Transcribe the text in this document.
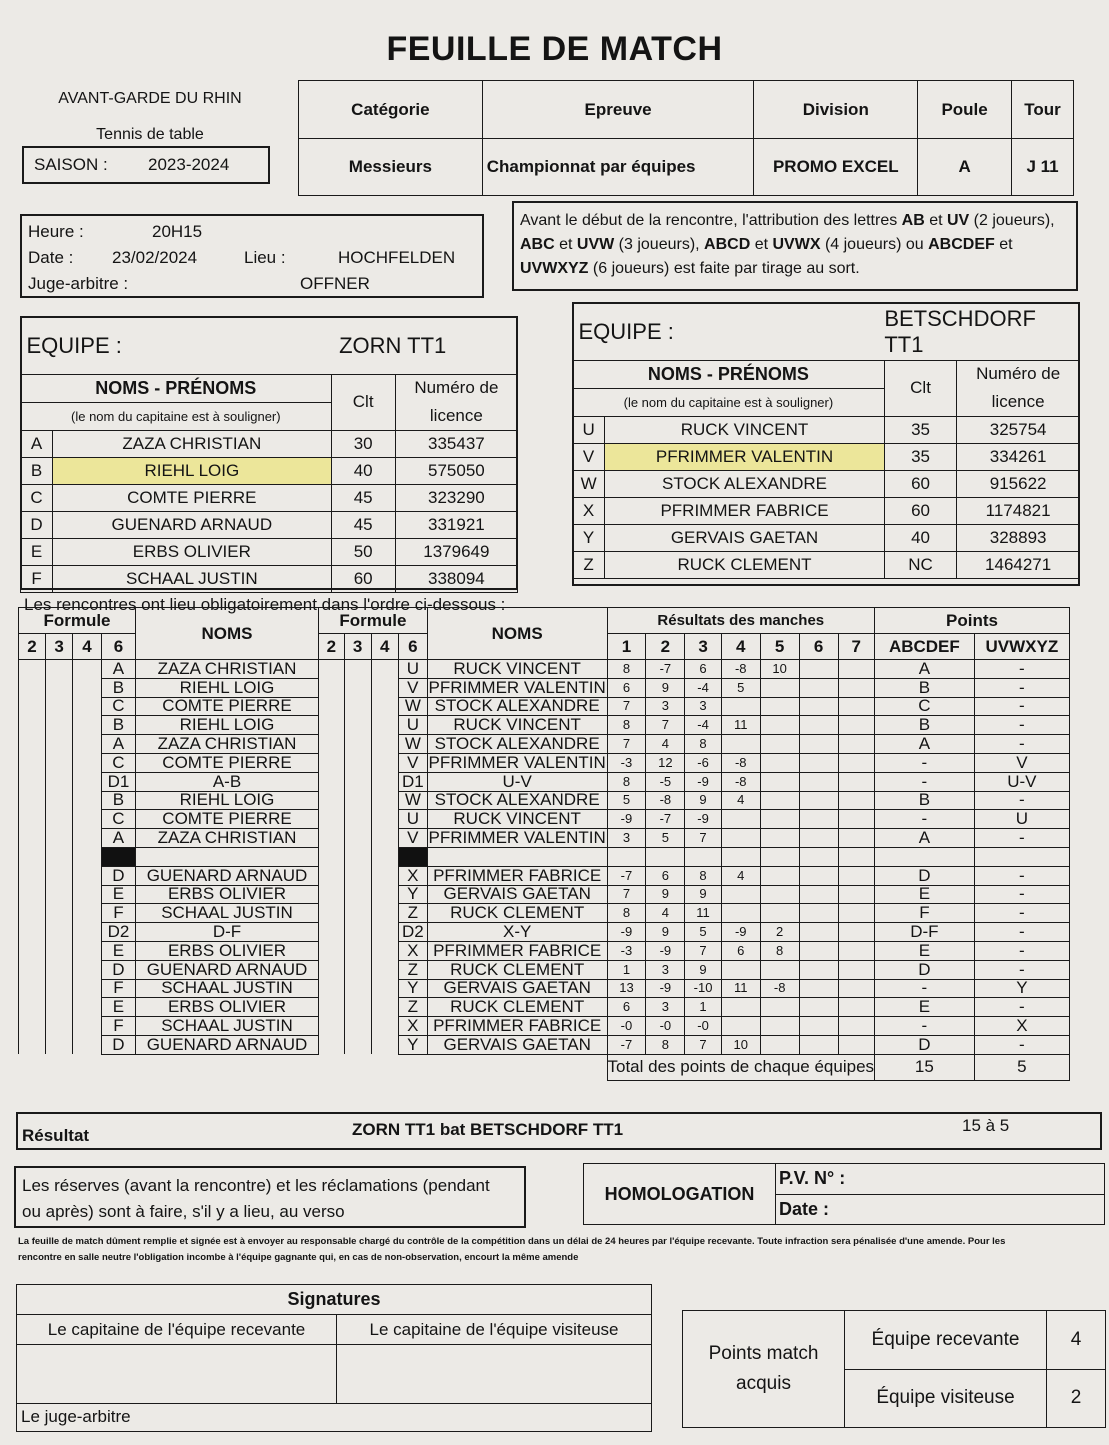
FEUILLE DE MATCH
AVANT-GARDE DU RHIN
Tennis de table
SAISON : 2023-2024
Catégorie	Epreuve	Division	Poule	Tour
Messieurs	Championnat par équipes	PROMO EXCEL	A	J 11
Heure :	20H15
Date : 23/02/2024	Lieu :	HOCHFELDEN
Juge-arbitre :	OFFNER
Avant le début de la rencontre, l'attribution des lettres AB et UV (2 joueurs), ABC et UVW (3 joueurs), ABCD et UVWX (4 joueurs) ou ABCDEF et UVWXYZ (6 joueurs) est faite par tirage au sort.
EQUIPE :		ZORN TT1	
NOMS - PRÉNOMS		Clt	Numéro de
(le nom du capitaine est à souligner)			licence
A	ZAZA CHRISTIAN	30	335437
B	RIEHL LOIG	40	575050
C	COMTE PIERRE	45	323290
D	GUENARD ARNAUD	45	331921
E	ERBS OLIVIER	50	1379649
F	SCHAAL JUSTIN	60	338094
EQUIPE :		BETSCHDORF TT1	
NOMS - PRÉNOMS		Clt	Numéro de
(le nom du capitaine est à souligner)			licence
U	RUCK VINCENT	35	325754
V	PFRIMMER VALENTIN	35	334261
W	STOCK ALEXANDRE	60	915622
X	PFRIMMER FABRICE	60	1174821
Y	GERVAIS GAETAN	40	328893
Z	RUCK CLEMENT	NC	1464271
Les rencontres ont lieu obligatoirement dans l'ordre ci-dessous :
Formule				NOMS	Formule				NOMS	Résultats des manches							Points	
2	3	4	6		2	3	4	6		1	2	3	4	5	6	7	ABCDEF	UVWXYZ
			A	ZAZA CHRISTIAN				U	RUCK VINCENT	8	-7	6	-8	10			A	-
			B	RIEHL LOIG				V	PFRIMMER VALENTIN	6	9	-4	5				B	-
			C	COMTE PIERRE				W	STOCK ALEXANDRE	7	3	3					C	-
			B	RIEHL LOIG				U	RUCK VINCENT	8	7	-4	11				B	-
			A	ZAZA CHRISTIAN				W	STOCK ALEXANDRE	7	4	8					A	-
			C	COMTE PIERRE				V	PFRIMMER VALENTIN	-3	12	-6	-8				-	V
			D1	A-B				D1	U-V	8	-5	-9	-8				-	U-V
			B	RIEHL LOIG				W	STOCK ALEXANDRE	5	-8	9	4				B	-
			C	COMTE PIERRE				U	RUCK VINCENT	-9	-7	-9					-	U
			A	ZAZA CHRISTIAN				V	PFRIMMER VALENTIN	3	5	7					A	-

			D	GUENARD ARNAUD				X	PFRIMMER FABRICE	-7	6	8	4				D	-
			E	ERBS OLIVIER				Y	GERVAIS GAETAN	7	9	9					E	-
			F	SCHAAL JUSTIN				Z	RUCK CLEMENT	8	4	11					F	-
			D2	D-F				D2	X-Y	-9	9	5	-9	2			D-F	-
			E	ERBS OLIVIER				X	PFRIMMER FABRICE	-3	-9	7	6	8			E	-
			D	GUENARD ARNAUD				Z	RUCK CLEMENT	1	3	9					D	-
			F	SCHAAL JUSTIN				Y	GERVAIS GAETAN	13	-9	-10	11	-8			-	Y
			E	ERBS OLIVIER				Z	RUCK CLEMENT	6	3	1					E	-
			F	SCHAAL JUSTIN				X	PFRIMMER FABRICE	-0	-0	-0					-	X
			D	GUENARD ARNAUD				Y	GERVAIS GAETAN	-7	8	7	10				D	-
										Total des points de chaque équipes							15	5
Résultat	ZORN TT1 bat BETSCHDORF TT1	15 à 5
Les réserves (avant la rencontre) et les réclamations (pendant
ou après) sont à faire, s'il y a lieu, au verso
HOMOLOGATION	P.V. N° :
Date :
La feuille de match dûment remplie et signée est à envoyer au responsable chargé du contrôle de la compétition dans un délai de 24 heures par l'équipe recevante. Toute infraction sera pénalisée d'une amende. Pour les
rencontre en salle neutre l'obligation incombe à l'équipe gagnante qui, en cas de non-observation, encourt la même amende
Signatures	
Le capitaine de l'équipe recevante	Le capitaine de l'équipe visiteuse

Le juge-arbitre	
Points match
acquis	Équipe recevante	4
	Équipe visiteuse	2
